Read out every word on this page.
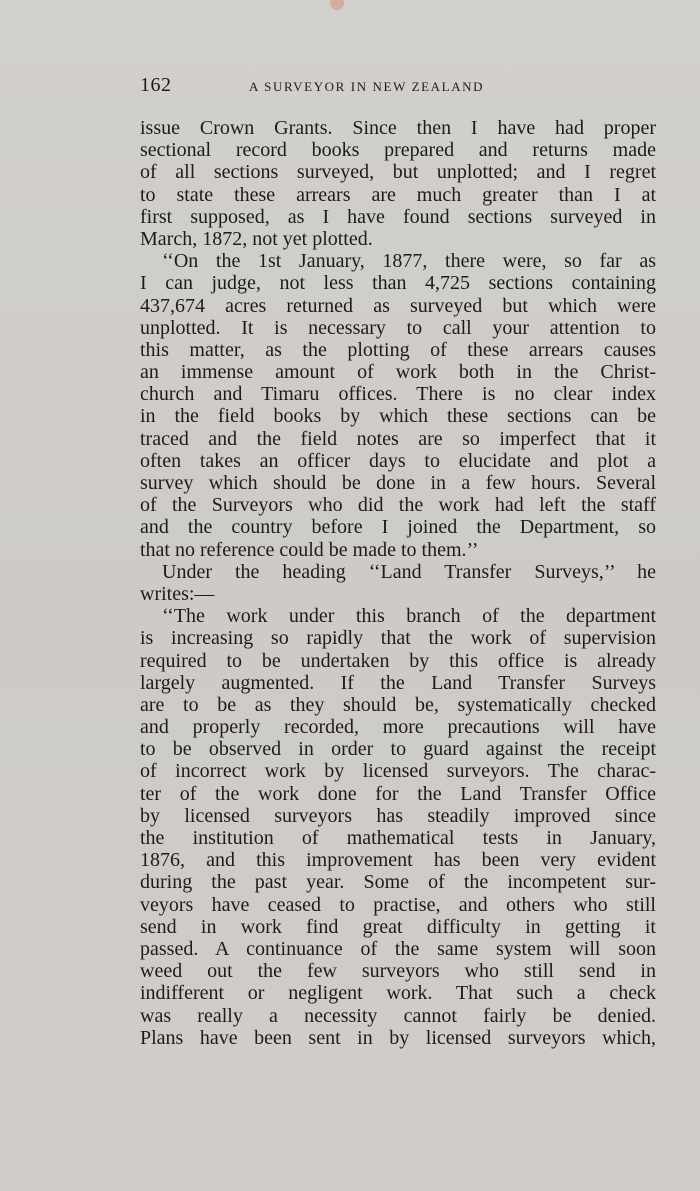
162	A SURVEYOR IN NEW ZEALAND
issue Crown Grants. Since then I have had proper
sectional record books prepared and returns made
of all sections surveyed, but unplotted; and I regret
to state these arrears are much greater than I at
first supposed, as I have found sections surveyed in
March, 1872, not yet plotted.
‘‘On the 1st January, 1877, there were, so far as
I can judge, not less than 4,725 sections containing
437,674 acres returned as surveyed but which were
unplotted. It is necessary to call your attention to
this matter, as the plotting of these arrears causes
an immense amount of work both in the Christ-
church and Timaru offices. There is no clear index
in the field books by which these sections can be
traced and the field notes are so imperfect that it
often takes an officer days to elucidate and plot a
survey which should be done in a few hours. Several
of the Surveyors who did the work had left the staff
and the country before I joined the Department, so
that no reference could be made to them.’’
Under the heading ‘‘Land Transfer Surveys,’’ he
writes:—
‘‘The work under this branch of the department
is increasing so rapidly that the work of supervision
required to be undertaken by this office is already
largely augmented. If the Land Transfer Surveys
are to be as they should be, systematically checked
and properly recorded, more precautions will have
to be observed in order to guard against the receipt
of incorrect work by licensed surveyors. The charac-
ter of the work done for the Land Transfer Office
by licensed surveyors has steadily improved since
the institution of mathematical tests in January,
1876, and this improvement has been very evident
during the past year. Some of the incompetent sur-
veyors have ceased to practise, and others who still
send in work find great difficulty in getting it
passed. A continuance of the same system will soon
weed out the few surveyors who still send in
indifferent or negligent work. That such a check
was really a necessity cannot fairly be denied.
Plans have been sent in by licensed surveyors which,
